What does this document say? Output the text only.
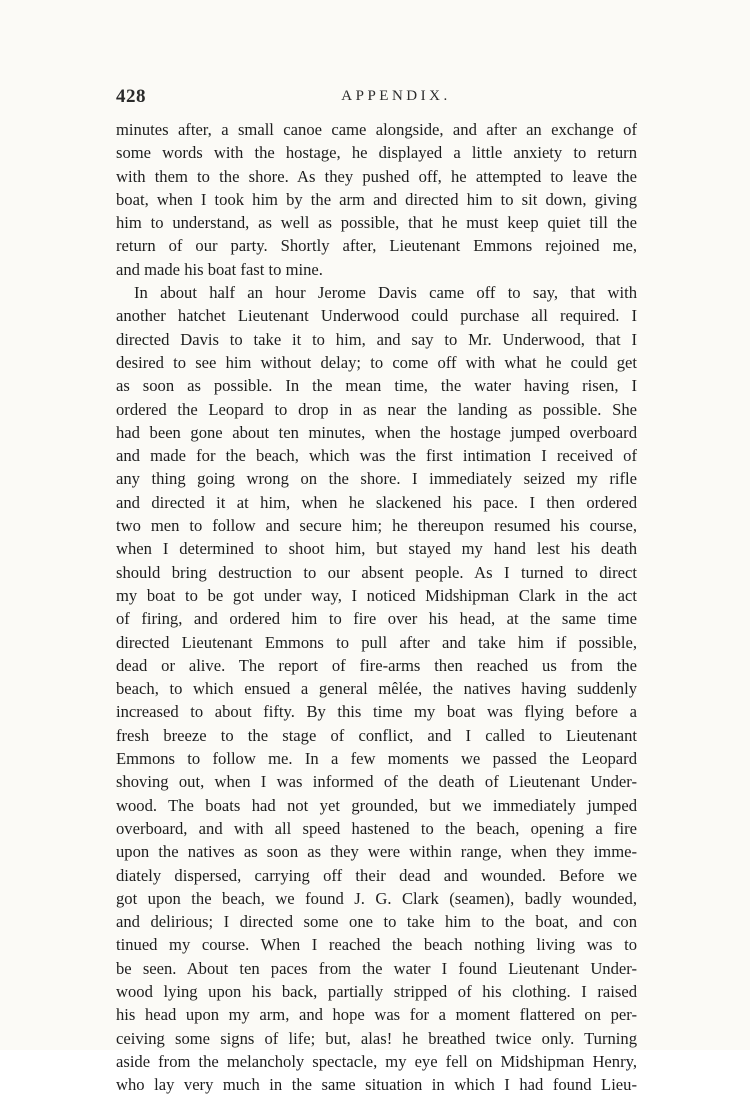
428	APPENDIX.
minutes after, a small canoe came alongside, and after an exchange of
some words with the hostage, he displayed a little anxiety to return
with them to the shore. As they pushed off, he attempted to leave the
boat, when I took him by the arm and directed him to sit down, giving
him to understand, as well as possible, that he must keep quiet till the
return of our party. Shortly after, Lieutenant Emmons rejoined me,
and made his boat fast to mine.
In about half an hour Jerome Davis came off to say, that with
another hatchet Lieutenant Underwood could purchase all required. I
directed Davis to take it to him, and say to Mr. Underwood, that I
desired to see him without delay; to come off with what he could get
as soon as possible. In the mean time, the water having risen, I
ordered the Leopard to drop in as near the landing as possible. She
had been gone about ten minutes, when the hostage jumped overboard
and made for the beach, which was the first intimation I received of
any thing going wrong on the shore. I immediately seized my rifle
and directed it at him, when he slackened his pace. I then ordered
two men to follow and secure him; he thereupon resumed his course,
when I determined to shoot him, but stayed my hand lest his death
should bring destruction to our absent people. As I turned to direct
my boat to be got under way, I noticed Midshipman Clark in the act
of firing, and ordered him to fire over his head, at the same time
directed Lieutenant Emmons to pull after and take him if possible,
dead or alive. The report of fire-arms then reached us from the
beach, to which ensued a general mêlée, the natives having suddenly
increased to about fifty. By this time my boat was flying before a
fresh breeze to the stage of conflict, and I called to Lieutenant
Emmons to follow me. In a few moments we passed the Leopard
shoving out, when I was informed of the death of Lieutenant Under-
wood. The boats had not yet grounded, but we immediately jumped
overboard, and with all speed hastened to the beach, opening a fire
upon the natives as soon as they were within range, when they imme-
diately dispersed, carrying off their dead and wounded. Before we
got upon the beach, we found J. G. Clark (seamen), badly wounded,
and delirious; I directed some one to take him to the boat, and con
tinued my course. When I reached the beach nothing living was to
be seen. About ten paces from the water I found Lieutenant Under-
wood lying upon his back, partially stripped of his clothing. I raised
his head upon my arm, and hope was for a moment flattered on per-
ceiving some signs of life; but, alas! he breathed twice only. Turning
aside from the melancholy spectacle, my eye fell on Midshipman Henry,
who lay very much in the same situation in which I had found Lieu-
